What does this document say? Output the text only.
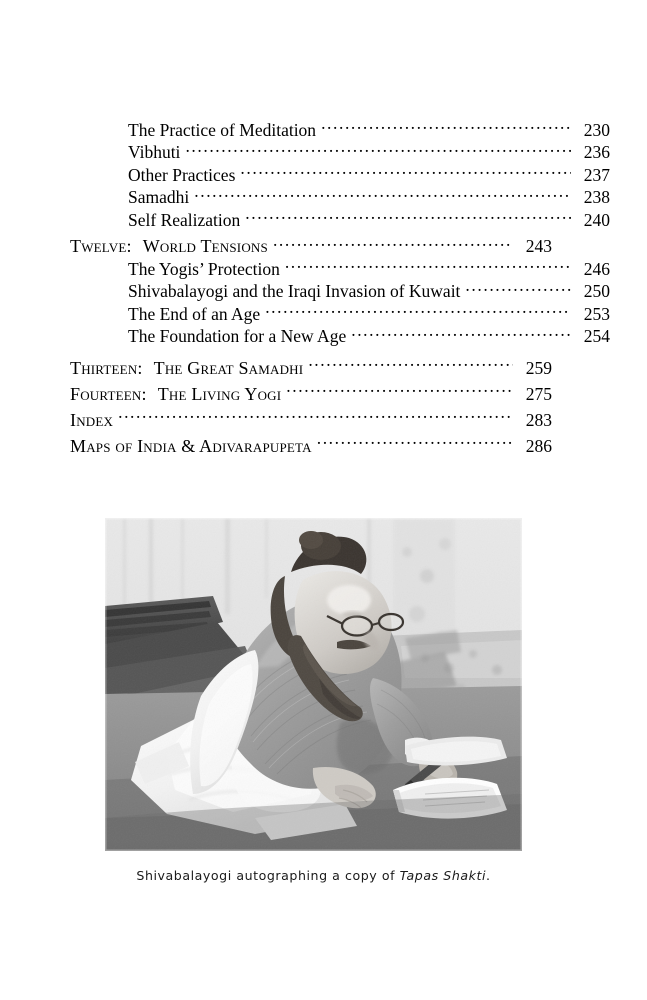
The Practice of Meditation .....	230
Vibhuti .....	236
Other Practices .....	237
Samadhi .....	238
Self Realization .....	240
Twelve: World Tensions .....	243
The Yogis’ Protection .....	246
Shivabalayogi and the Iraqi Invasion of Kuwait .....	250
The End of an Age .....	253
The Foundation for a New Age .....	254
Thirteen: The Great Samadhi .....	259
Fourteen: The Living Yogi .....	275
Index .....	283
Maps of India & Adivarapupeta .....	286
Shivabalayogi autographing a copy of Tapas Shakti.
